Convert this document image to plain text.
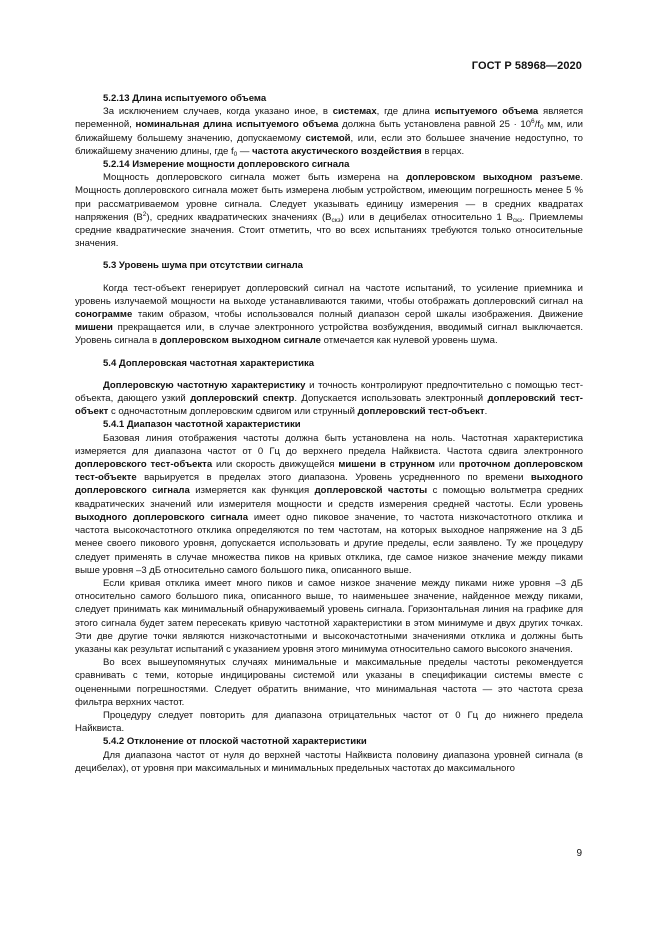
ГОСТ Р 58968—2020

5.2.13 Длина испытуемого объема

За исключением случаев, когда указано иное, в системах, где длина испытуемого объема является переменной, номинальная длина испытуемого объема должна быть установлена равной $25 \cdot 10^6/f_0$ мм, или ближайшему большему значению, допускаемому системой, или, если это большее значение недоступно, то ближайшему значению длины, где $f_0$ — частота акустического воздействия в герцах.

5.2.14 Измерение мощности доплеровского сигнала

Мощность доплеровского сигнала может быть измерена на доплеровском выходном разъеме. Мощность доплеровского сигнала может быть измерена любым устройством, имеющим погрешность менее 5 % при рассматриваемом уровне сигнала. Следует указывать единицу измерения — в средних квадратах напряжения $(В^2)$, средних квадратических значениях $(В_{скз})$ или в децибелах относительно 1 $В_{скз}$. Приемлемы средние квадратические значения. Стоит отметить, что во всех испытаниях требуются только относительные значения.

5.3 Уровень шума при отсутствии сигнала

Когда тест-объект генерирует доплеровский сигнал на частоте испытаний, то усиление приемника и уровень излучаемой мощности на выходе устанавливаются такими, чтобы отображать доплеровский сигнал на сонограмме таким образом, чтобы использовался полный диапазон серой шкалы изображения. Движение мишени прекращается или, в случае электронного устройства возбуждения, вводимый сигнал выключается. Уровень сигнала в доплеровском выходном сигнале отмечается как нулевой уровень шума.

5.4 Доплеровская частотная характеристика

Доплеровскую частотную характеристику и точность контролируют предпочтительно с помощью тест-объекта, дающего узкий доплеровский спектр. Допускается использовать электронный доплеровский тест-объект с одночастотным доплеровским сдвигом или струнный доплеровский тест-объект.

5.4.1 Диапазон частотной характеристики

Базовая линия отображения частоты должна быть установлена на ноль. Частотная характеристика измеряется для диапазона частот от 0 Гц до верхнего предела Найквиста. Частота сдвига электронного доплеровского тест-объекта или скорость движущейся мишени в струнном или проточном доплеровском тест-объекте варьируется в пределах этого диапазона. Уровень усредненного по времени выходного доплеровского сигнала измеряется как функция доплеровской частоты с помощью вольтметра средних квадратических значений или измерителя мощности и средств измерения средней частоты. Если уровень выходного доплеровского сигнала имеет одно пиковое значение, то частота низкочастотного отклика и частота высокочастотного отклика определяются по тем частотам, на которых выходное напряжение на 3 дБ менее своего пикового уровня, допускается использовать и другие пределы, если заявлено. Ту же процедуру следует применять в случае множества пиков на кривых отклика, где самое низкое значение между пиками выше уровня –3 дБ относительно самого большого пика, описанного выше.

Если кривая отклика имеет много пиков и самое низкое значение между пиками ниже уровня –3 дБ относительно самого большого пика, описанного выше, то наименьшее значение, найденное между пиками, следует принимать как минимальный обнаруживаемый уровень сигнала. Горизонтальная линия на графике для этого сигнала будет затем пересекать кривую частотной характеристики в этом минимуме и двух других точках. Эти две другие точки являются низкочастотными и высокочастотными значениями отклика и должны быть указаны как результат испытаний с указанием уровня этого минимума относительно самого высокого значения.

Во всех вышеупомянутых случаях минимальные и максимальные пределы частоты рекомендуется сравнивать с теми, которые индицированы системой или указаны в спецификации системы вместе с оцененными погрешностями. Следует обратить внимание, что минимальная частота — это частота среза фильтра верхних частот.

Процедуру следует повторить для диапазона отрицательных частот от 0 Гц до нижнего предела Найквиста.

5.4.2 Отклонение от плоской частотной характеристики

Для диапазона частот от нуля до верхней частоты Найквиста половину диапазона уровней сигнала (в децибелах), от уровня при максимальных и минимальных предельных частотах до максимального

9
